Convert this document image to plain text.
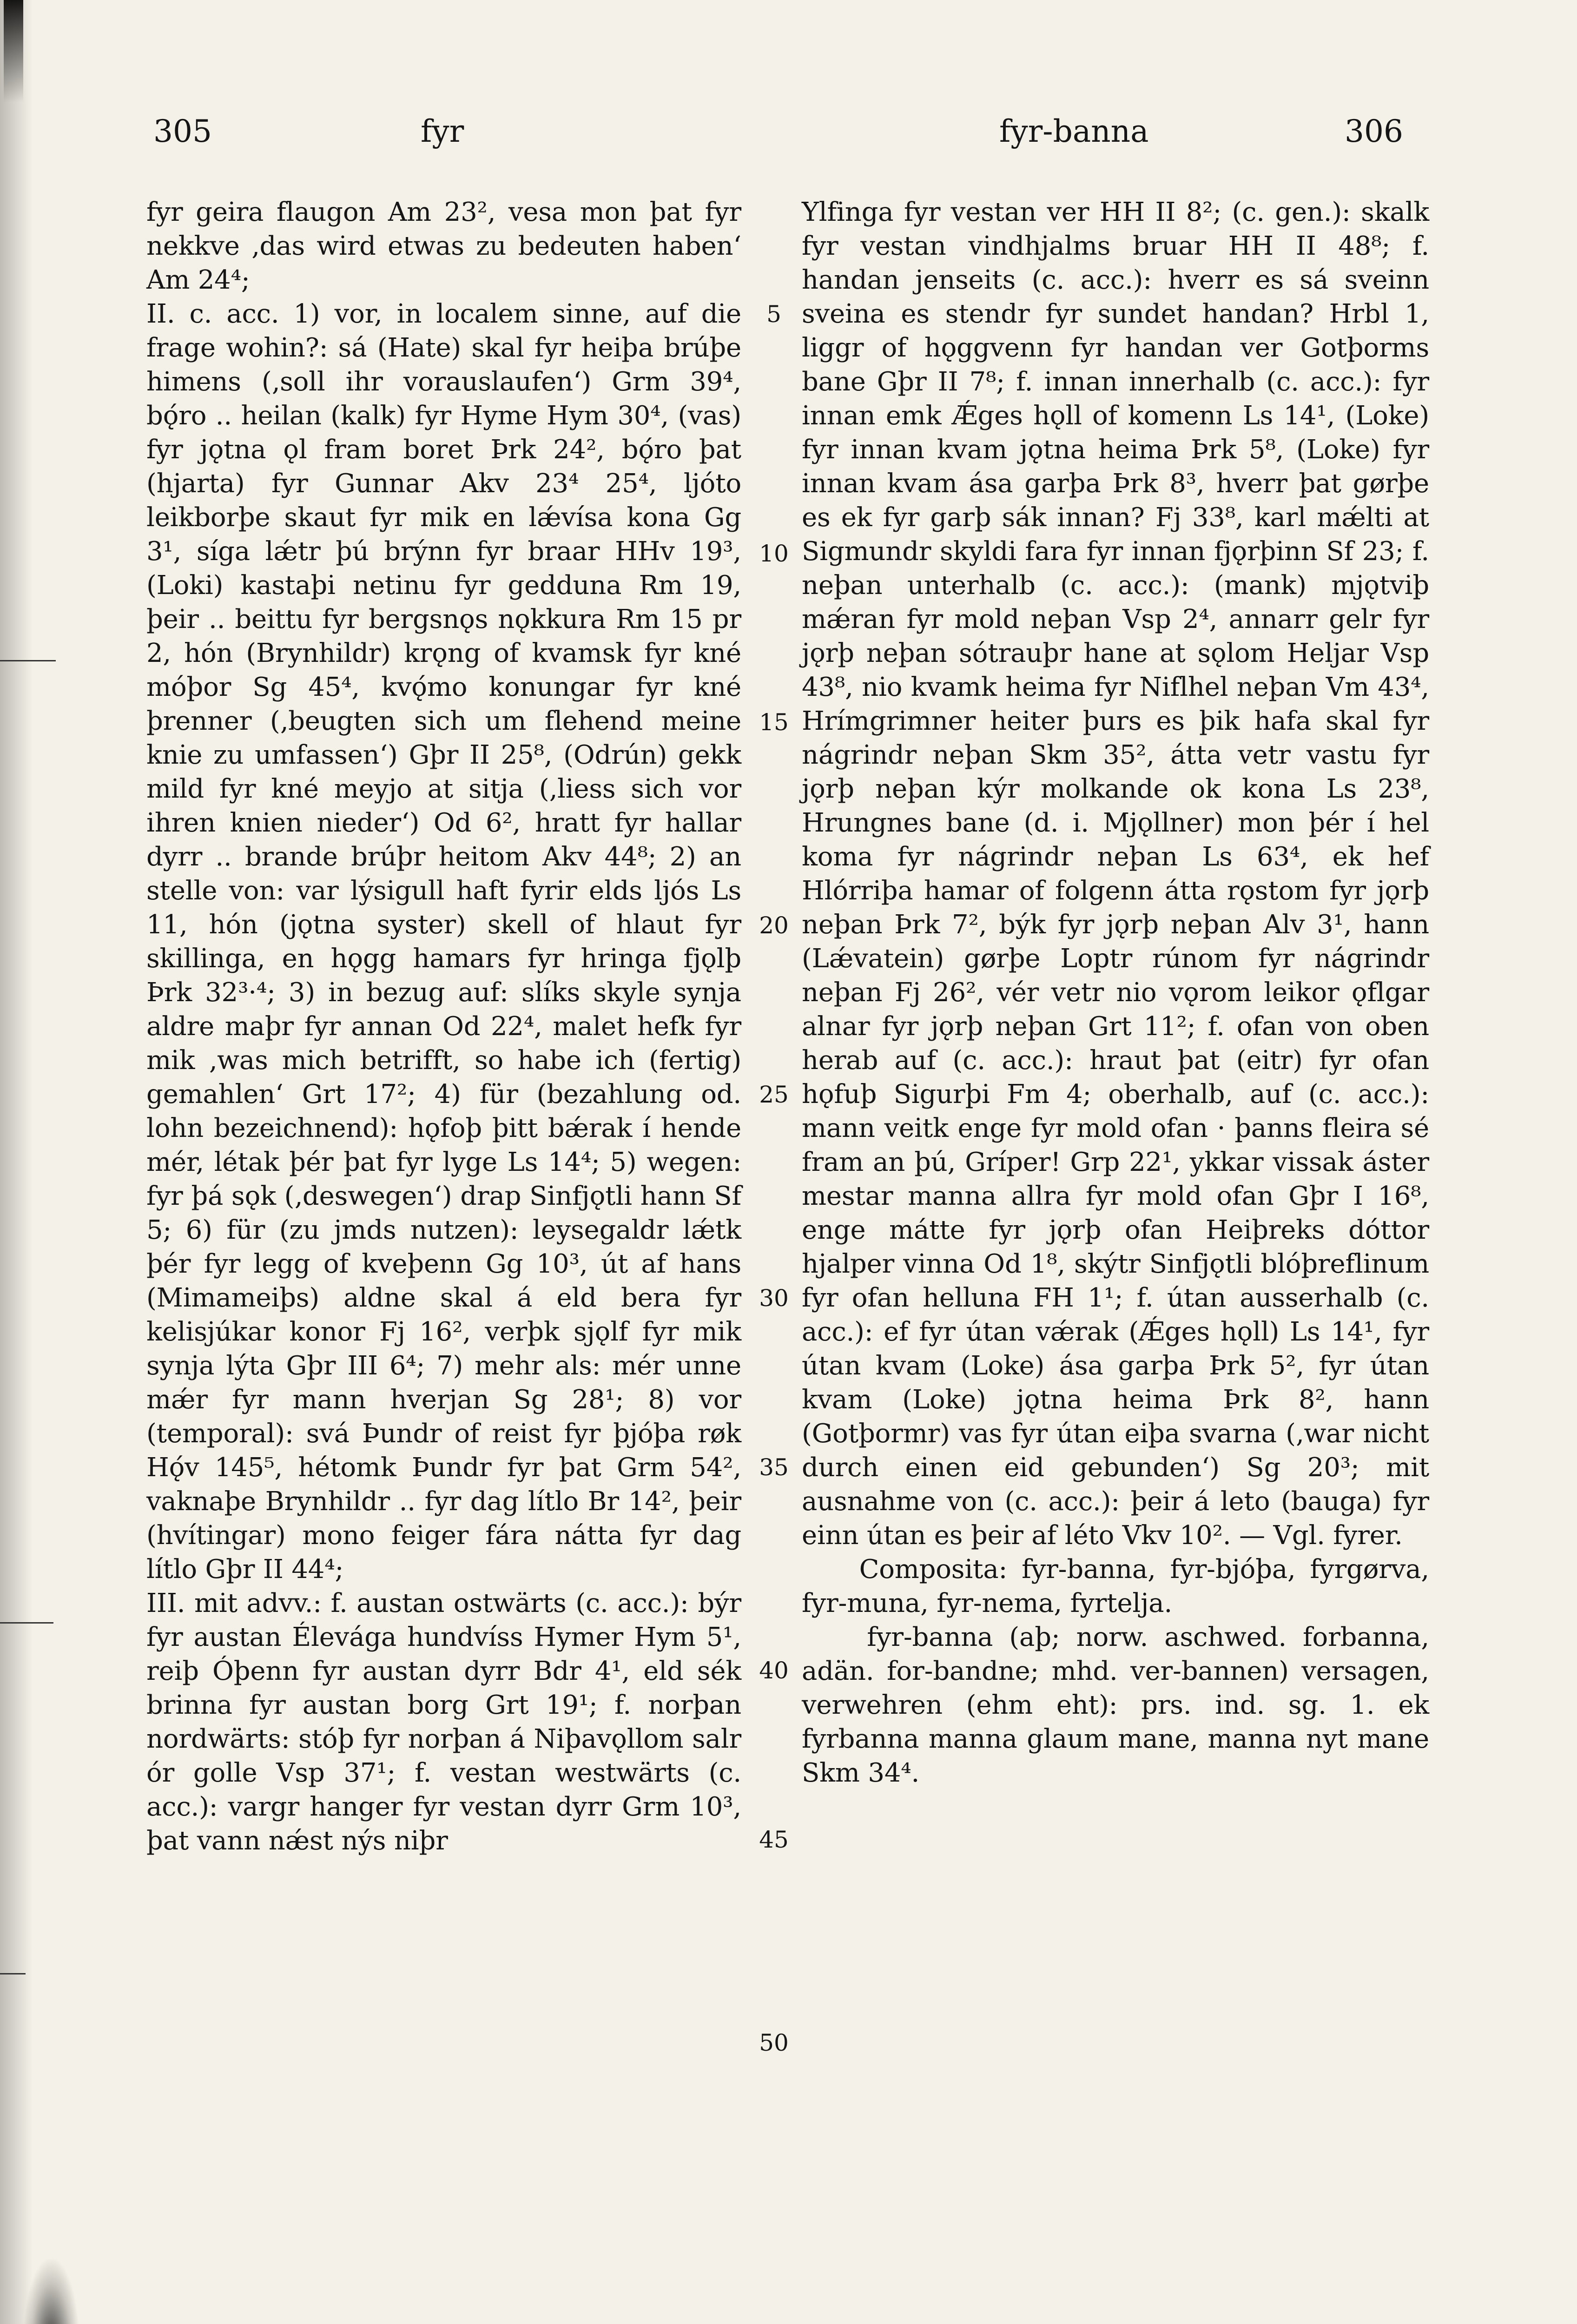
305	fyr	fyr-banna	306
fyr geira flaugon Am 23², vesa mon þat fyr nekkve ‚das wird etwas zu bedeuten haben‘ Am 24⁴;
II. c. acc. 1) vor, in localem sinne, auf die frage wohin?: sá (Hate) skal fyr heiþa brúþe himens (‚soll ihr vorauslaufen‘) Grm 39⁴, bǫ́ro .. heilan (kalk) fyr Hyme Hym 30⁴, (vas) fyr jǫtna ǫl fram boret Þrk 24², bǫ́ro þat (hjarta) fyr Gunnar Akv 23⁴ 25⁴, ljóto leikborþe skaut fyr mik en lǽvísa kona Gg 3¹, síga lǽtr þú brýnn fyr braar HHv 19³, (Loki) kastaþi netinu fyr gedduna Rm 19, þeir .. beittu fyr bergsnǫs nǫkkura Rm 15 pr 2, hón (Brynhildr) krǫng of kvamsk fyr kné móþor Sg 45⁴, kvǫ́mo konungar fyr kné þrenner (‚beugten sich um flehend meine knie zu umfassen‘) Gþr II 25⁸, (Odrún) gekk mild fyr kné meyjo at sitja (‚liess sich vor ihren knien nieder‘) Od 6², hratt fyr hallar dyrr .. brande brúþr heitom Akv 44⁸; 2) an stelle von: var lýsigull haft fyrir elds ljós Ls 11, hón (jǫtna syster) skell of hlaut fyr skillinga, en hǫgg hamars fyr hringa fjǫlþ Þrk 32³·⁴; 3) in bezug auf: slíks skyle synja aldre maþr fyr annan Od 22⁴, malet hefk fyr mik ‚was mich betrifft, so habe ich (fertig) gemahlen‘ Grt 17²; 4) für (bezahlung od. lohn bezeichnend): hǫfoþ þitt bǽrak í hende mér, létak þér þat fyr lyge Ls 14⁴; 5) wegen: fyr þá sǫk (‚deswegen‘) drap Sinfjǫtli hann Sf 5; 6) für (zu jmds nutzen): leysegaldr lǽtk þér fyr legg of kveþenn Gg 10³, út af hans (Mimameiþs) aldne skal á eld bera fyr kelisjúkar konor Fj 16², verþk sjǫlf fyr mik synja lýta Gþr III 6⁴; 7) mehr als: mér unne mǽr fyr mann hverjan Sg 28¹; 8) vor (temporal): svá Þundr of reist fyr þjóþa røk Hǫ́v 145⁵, hétomk Þundr fyr þat Grm 54², vaknaþe Brynhildr .. fyr dag lítlo Br 14², þeir (hvítingar) mono feiger fára nátta fyr dag lítlo Gþr II 44⁴;
III. mit advv.: f. austan ostwärts (c. acc.): býr fyr austan Élevága hundvíss Hymer Hym 5¹, reiþ Óþenn fyr austan dyrr Bdr 4¹, eld sék brinna fyr austan borg Grt 19¹; f. norþan nordwärts: stóþ fyr norþan á Niþavǫllom salr ór golle Vsp 37¹; f. vestan westwärts (c. acc.): vargr hanger fyr vestan dyrr Grm 10³, þat vann nǽst nýs niþr
5
10
15
20
25
30
35
40
45
50
Ylfinga fyr vestan ver HH II 8²; (c. gen.): skalk fyr vestan vindhjalms bruar HH II 48⁸; f. handan jenseits (c. acc.): hverr es sá sveinn sveina es stendr fyr sundet handan? Hrbl 1, liggr of hǫggvenn fyr handan ver Gotþorms bane Gþr II 7⁸; f. innan innerhalb (c. acc.): fyr innan emk Ǽges hǫll of komenn Ls 14¹, (Loke) fyr innan kvam jǫtna heima Þrk 5⁸, (Loke) fyr innan kvam ása garþa Þrk 8³, hverr þat gørþe es ek fyr garþ sák innan? Fj 33⁸, karl mǽlti at Sigmundr skyldi fara fyr innan fjǫrþinn Sf 23; f. neþan unterhalb (c. acc.): (mank) mjǫtviþ mǽran fyr mold neþan Vsp 2⁴, annarr gelr fyr jǫrþ neþan sótrauþr hane at sǫlom Heljar Vsp 43⁸, nio kvamk heima fyr Niflhel neþan Vm 43⁴, Hrímgrimner heiter þurs es þik hafa skal fyr nágrindr neþan Skm 35², átta vetr vastu fyr jǫrþ neþan kýr molkande ok kona Ls 23⁸, Hrungnes bane (d. i. Mjǫllner) mon þér í hel koma fyr nágrindr neþan Ls 63⁴, ek hef Hlórriþa hamar of folgenn átta rǫstom fyr jǫrþ neþan Þrk 7², býk fyr jǫrþ neþan Alv 3¹, hann (Lǽvatein) gørþe Loptr rúnom fyr nágrindr neþan Fj 26², vér vetr nio vǫrom leikor ǫflgar alnar fyr jǫrþ neþan Grt 11²; f. ofan von oben herab auf (c. acc.): hraut þat (eitr) fyr ofan hǫfuþ Sigurþi Fm 4; oberhalb, auf (c. acc.): mann veitk enge fyr mold ofan · þanns fleira sé fram an þú, Gríper! Grp 22¹, ykkar vissak áster mestar manna allra fyr mold ofan Gþr I 16⁸, enge mátte fyr jǫrþ ofan Heiþreks dóttor hjalper vinna Od 1⁸, skýtr Sinfjǫtli blóþreflinum fyr ofan helluna FH 1¹; f. útan ausserhalb (c. acc.): ef fyr útan vǽrak (Ǽges hǫll) Ls 14¹, fyr útan kvam (Loke) ása garþa Þrk 5², fyr útan kvam (Loke) jǫtna heima Þrk 8², hann (Gotþormr) vas fyr útan eiþa svarna (‚war nicht durch einen eid gebunden‘) Sg 20³; mit ausnahme von (c. acc.): þeir á leto (bauga) fyr einn útan es þeir af léto Vkv 10². — Vgl. fyrer.
Composita: fyr-banna, fyr-bjóþa, fyrgørva, fyr-muna, fyr-nema, fyrtelja.
fyr-banna (aþ; norw. aschwed. forbanna, adän. for-bandne; mhd. ver-bannen) versagen, verwehren (ehm eht): prs. ind. sg. 1. ek fyrbanna manna glaum mane, manna nyt mane Skm 34⁴.
